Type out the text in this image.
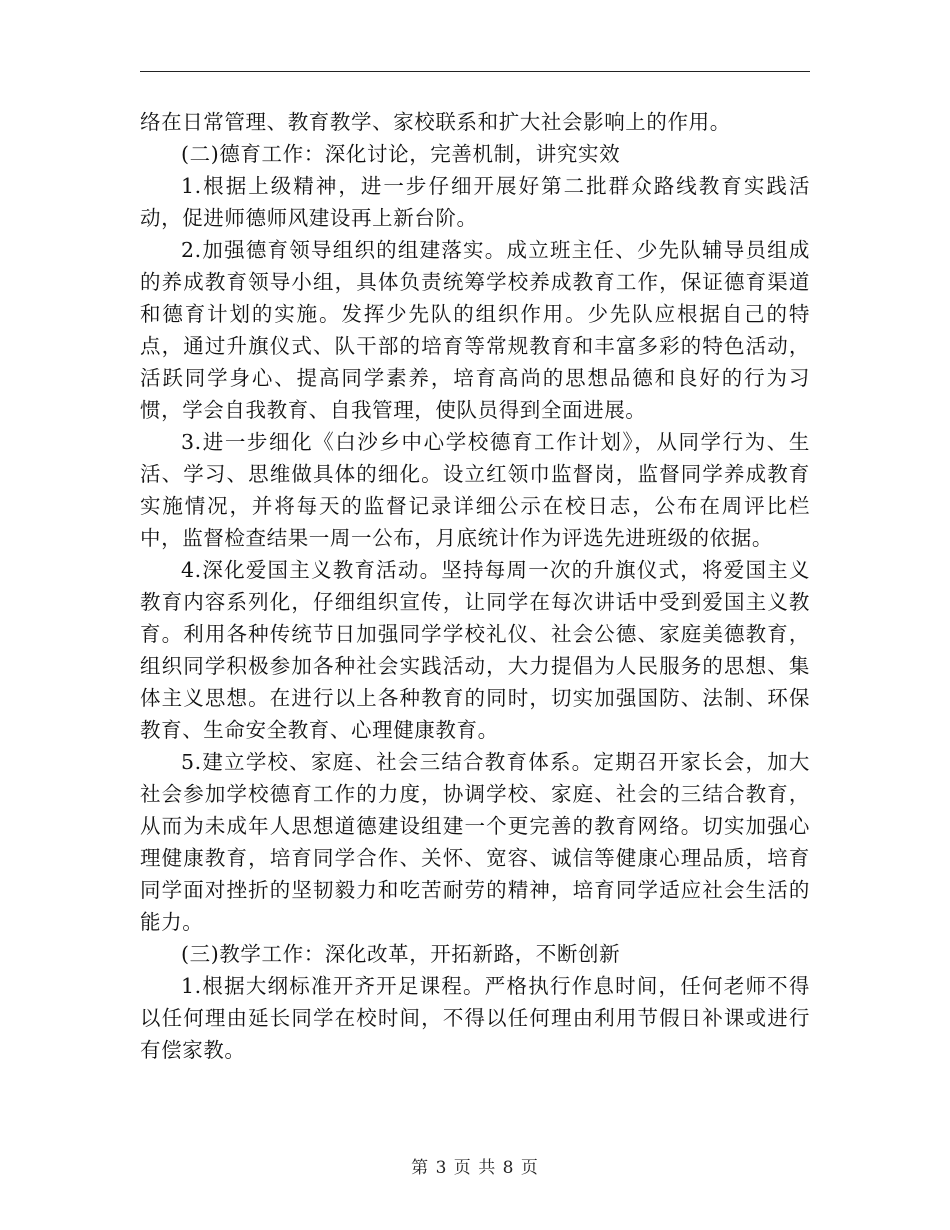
络在日常管理、教育教学、家校联系和扩大社会影响上的作用。

(二)德育工作：深化讨论，完善机制，讲究实效

1.根据上级精神，进一步仔细开展好第二批群众路线教育实践活动，促进师德师风建设再上新台阶。

2.加强德育领导组织的组建落实。成立班主任、少先队辅导员组成的养成教育领导小组，具体负责统筹学校养成教育工作，保证德育渠道和德育计划的实施。发挥少先队的组织作用。少先队应根据自己的特点，通过升旗仪式、队干部的培育等常规教育和丰富多彩的特色活动，活跃同学身心、提高同学素养，培育高尚的思想品德和良好的行为习惯，学会自我教育、自我管理，使队员得到全面进展。

3.进一步细化《白沙乡中心学校德育工作计划》，从同学行为、生活、学习、思维做具体的细化。设立红领巾监督岗，监督同学养成教育实施情况，并将每天的监督记录详细公示在校日志，公布在周评比栏中，监督检查结果一周一公布，月底统计作为评选先进班级的依据。

4.深化爱国主义教育活动。坚持每周一次的升旗仪式，将爱国主义教育内容系列化，仔细组织宣传，让同学在每次讲话中受到爱国主义教育。利用各种传统节日加强同学学校礼仪、社会公德、家庭美德教育，组织同学积极参加各种社会实践活动，大力提倡为人民服务的思想、集体主义思想。在进行以上各种教育的同时，切实加强国防、法制、环保教育、生命安全教育、心理健康教育。

5.建立学校、家庭、社会三结合教育体系。定期召开家长会，加大社会参加学校德育工作的力度，协调学校、家庭、社会的三结合教育，从而为未成年人思想道德建设组建一个更完善的教育网络。切实加强心理健康教育，培育同学合作、关怀、宽容、诚信等健康心理品质，培育同学面对挫折的坚韧毅力和吃苦耐劳的精神，培育同学适应社会生活的能力。

(三)教学工作：深化改革，开拓新路，不断创新

1.根据大纲标准开齐开足课程。严格执行作息时间，任何老师不得以任何理由延长同学在校时间，不得以任何理由利用节假日补课或进行有偿家教。

第 3 页 共 8 页
